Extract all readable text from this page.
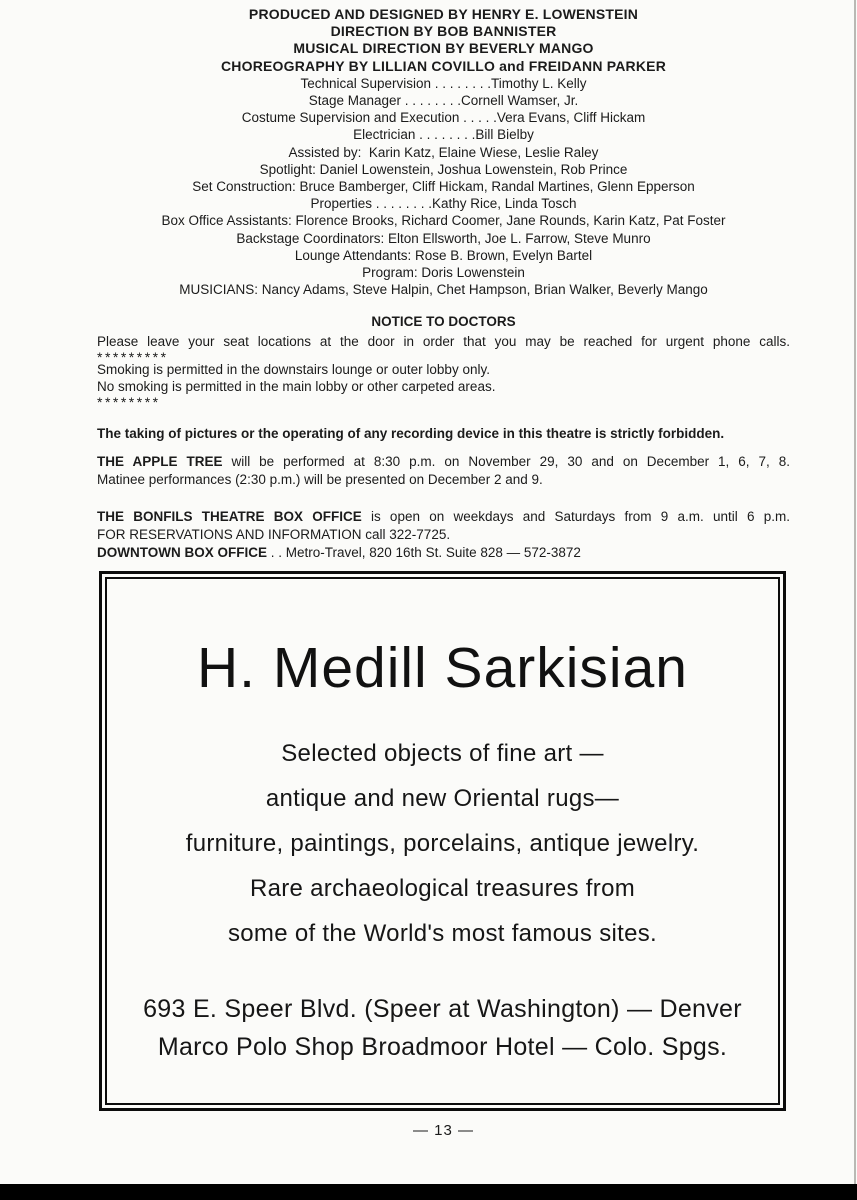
PRODUCED AND DESIGNED BY HENRY E. LOWENSTEIN
DIRECTION BY BOB BANNISTER
MUSICAL DIRECTION BY BEVERLY MANGO
CHOREOGRAPHY BY LILLIAN COVILLO and FREIDANN PARKER
Technical Supervision . . . . . . . .Timothy L. Kelly
Stage Manager . . . . . . . .Cornell Wamser, Jr.
Costume Supervision and Execution . . . . .Vera Evans, Cliff Hickam
Electrician . . . . . . . .Bill Bielby
Assisted by:  Karin Katz, Elaine Wiese, Leslie Raley
Spotlight: Daniel Lowenstein, Joshua Lowenstein, Rob Prince
Set Construction: Bruce Bamberger, Cliff Hickam, Randal Martines, Glenn Epperson
Properties . . . . . . . .Kathy Rice, Linda Tosch
Box Office Assistants: Florence Brooks, Richard Coomer, Jane Rounds, Karin Katz, Pat Foster
Backstage Coordinators: Elton Ellsworth, Joe L. Farrow, Steve Munro
Lounge Attendants: Rose B. Brown, Evelyn Bartel
Program: Doris Lowenstein
MUSICIANS: Nancy Adams, Steve Halpin, Chet Hampson, Brian Walker, Beverly Mango
NOTICE TO DOCTORS
Please leave your seat locations at the door in order that you may be reached for urgent phone calls.
*********
Smoking is permitted in the downstairs lounge or outer lobby only.
No smoking is permitted in the main lobby or other carpeted areas.
********
The taking of pictures or the operating of any recording device in this theatre is strictly forbidden.
THE APPLE TREE will be performed at 8:30 p.m. on November 29, 30 and on December 1, 6, 7, 8.
Matinee performances (2:30 p.m.) will be presented on December 2 and 9.
THE BONFILS THEATRE BOX OFFICE is open on weekdays and Saturdays from 9 a.m. until 6 p.m.
FOR RESERVATIONS AND INFORMATION call 322-7725.
DOWNTOWN BOX OFFICE . . Metro-Travel, 820 16th St. Suite 828 — 572-3872
H. Medill Sarkisian

Selected objects of fine art —

antique and new Oriental rugs—

furniture, paintings, porcelains, antique jewelry.

Rare archaeological treasures from

some of the World's most famous sites.

693 E. Speer Blvd. (Speer at Washington) — Denver

Marco Polo Shop Broadmoor Hotel — Colo. Spgs.

— 13 —
